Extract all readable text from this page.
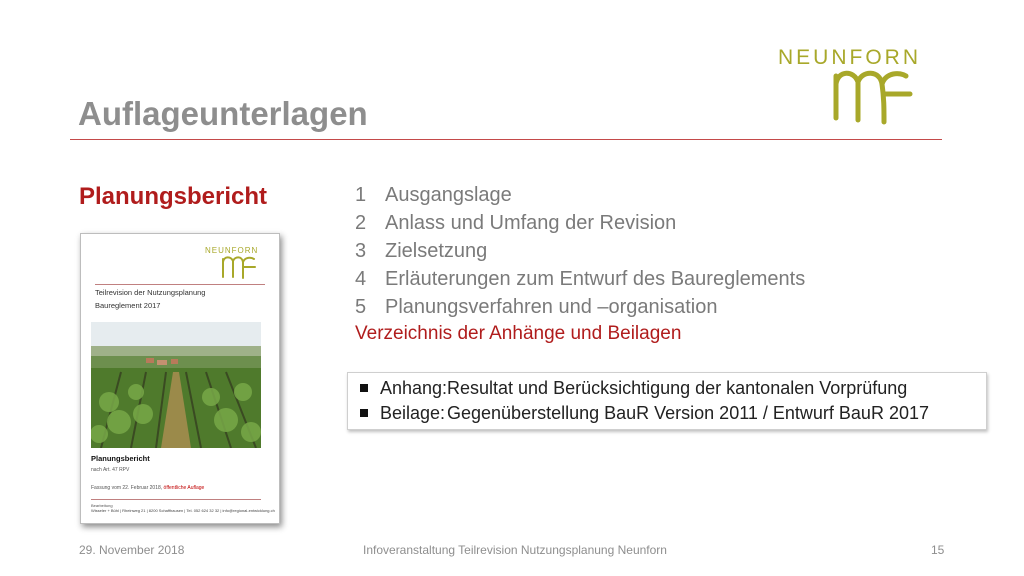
NEUNFORN
Auflageunterlagen
Planungsbericht
NEUNFORN
Teilrevision der Nutzungsplanung
Baureglement 2017
Planungsbericht
nach Art. 47 RPV
Fassung vom 22. Februar 2018, öffentliche Auflage
Bearbeitung
Wisseler + Bühl | Rheinweg 21 | 8200 Schaffhausen | Tel. 052 624 32 32 | info@regional-entwicklung.ch
1 Ausgangslage
2 Anlass und Umfang der Revision
3 Zielsetzung
4 Erläuterungen zum Entwurf des Baureglements
5 Planungsverfahren und –organisation
Verzeichnis der Anhänge und Beilagen
Anhang:Resultat und Berücksichtigung der kantonalen Vorprüfung
Beilage: Gegenüberstellung BauR Version 2011 / Entwurf BauR 2017
29. November 2018	Infoveranstaltung Teilrevision Nutzungsplanung Neunforn	15
